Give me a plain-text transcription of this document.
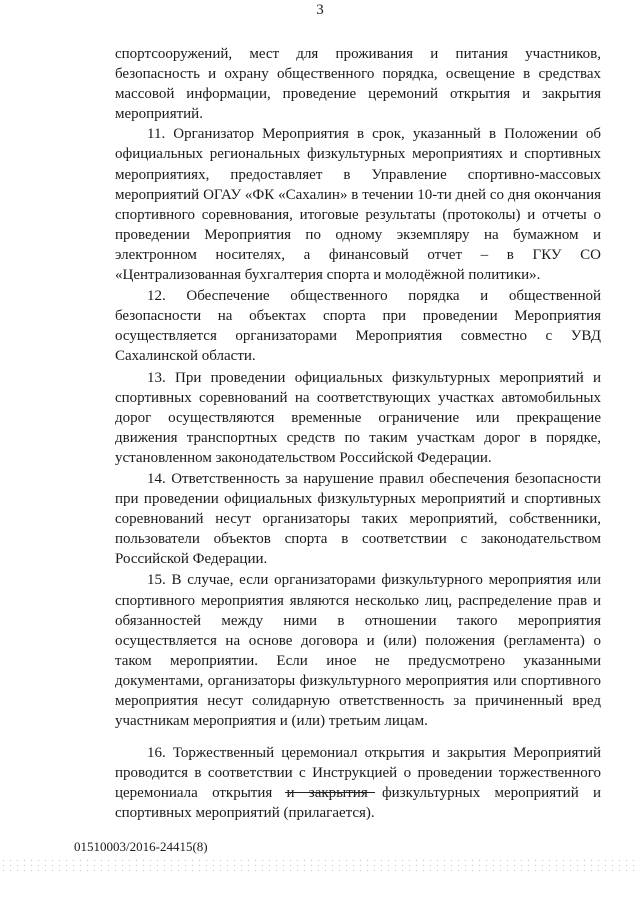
3

спортсооружений, мест для проживания и питания участников, безопасность и охрану общественного порядка, освещение в средствах массовой информации, проведение церемоний открытия и закрытия мероприятий.

11. Организатор Мероприятия в срок, указанный в Положении об официальных региональных физкультурных мероприятиях и спортивных мероприятиях, предоставляет в Управление спортивно-массовых мероприятий ОГАУ «ФК «Сахалин» в течении 10-ти дней со дня окончания спортивного соревнования, итоговые результаты (протоколы) и отчеты о проведении Мероприятия по одному экземпляру на бумажном и электронном носителях, а финансовый отчет – в ГКУ СО «Централизованная бухгалтерия спорта и молодёжной политики».

12. Обеспечение общественного порядка и общественной безопасности на объектах спорта при проведении Мероприятия осуществляется организаторами Мероприятия совместно с УВД Сахалинской области.

13. При проведении официальных физкультурных мероприятий и спортивных соревнований на соответствующих участках автомобильных дорог осуществляются временные ограничение или прекращение движения транспортных средств по таким участкам дорог в порядке, установленном законодательством Российской Федерации.

14. Ответственность за нарушение правил обеспечения безопасности при проведении официальных физкультурных мероприятий и спортивных соревнований несут организаторы таких мероприятий, собственники, пользователи объектов спорта в соответствии с законодательством Российской Федерации.

15. В случае, если организаторами физкультурного мероприятия или спортивного мероприятия являются несколько лиц, распределение прав и обязанностей между ними в отношении такого мероприятия осуществляется на основе договора и (или) положения (регламента) о таком мероприятии. Если иное не предусмотрено указанными документами, организаторы физкультурного мероприятия или спортивного мероприятия несут солидарную ответственность за причиненный вред участникам мероприятия и (или) третьим лицам.

16. Торжественный церемониал открытия и закрытия Мероприятий проводится в соответствии с Инструкцией о проведении торжественного церемониала открытия и закрытия физкультурных мероприятий и спортивных мероприятий (прилагается).

01510003/2016-24415(8)
